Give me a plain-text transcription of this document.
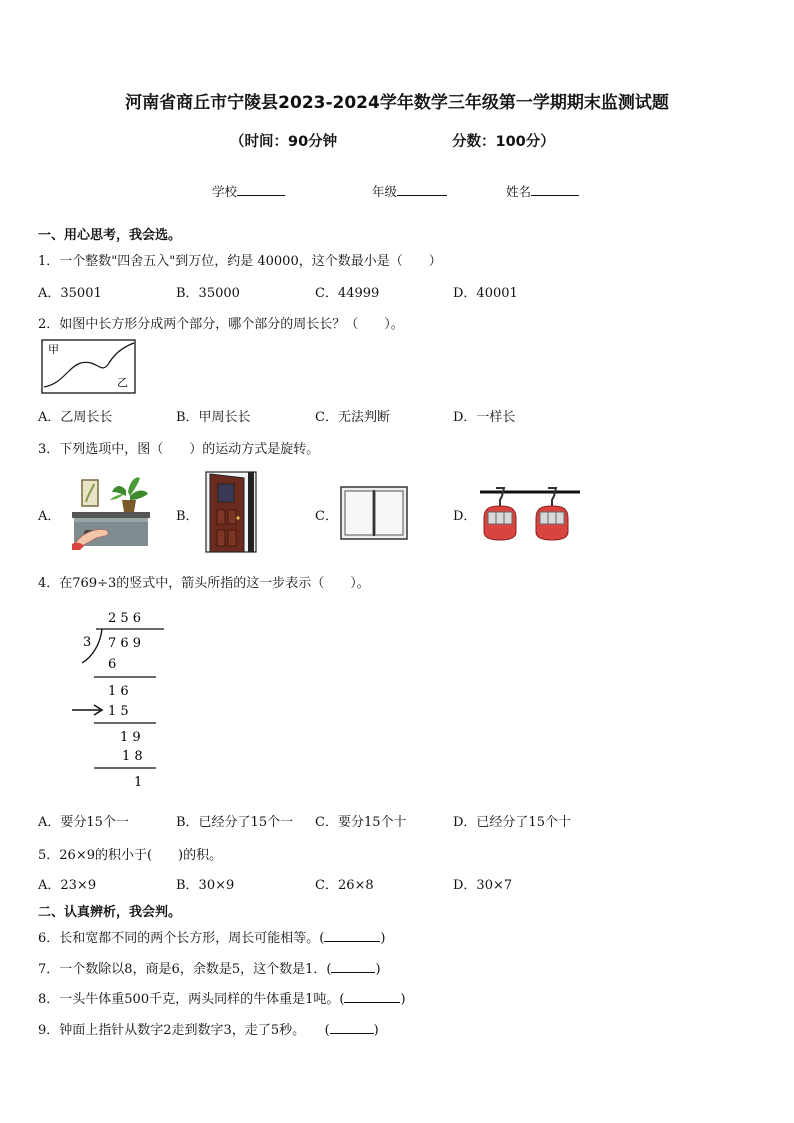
河南省商丘市宁陵县2023-2024学年数学三年级第一学期期末监测试题
（时间：90分钟	分数：100分）
学校	年级	姓名
一、用心思考，我会选。
1．一个整数"四舍五入"到万位，约是 40000，这个数最小是（　　）
A．35001	B．35000	C．44999	D．40001
2．如图中长方形分成两个部分，哪个部分的周长长？（　　）。
甲
乙
A．乙周长长	B．甲周长长	C．无法判断	D．一样长
3．下列选项中，图（　　）的运动方式是旋转。
A．	B．	C．	D．
4．在769÷3的竖式中，箭头所指的这一步表示（　　）。
2 5 6
3 7 6 9
6
1 6
1 5
1 9
1 8
1
A．要分15个一	B．已经分了15个一 C．要分15个十	D．已经分了15个十
5．26×9的积小于(　　)的积。
A．23×9	B．30×9	C．26×8	D．30×7
二、认真辨析，我会判。
6．长和宽都不同的两个长方形，周长可能相等。(	)
7．一个数除以8，商是6，余数是5，这个数是1．(	)
8．一头牛体重500千克，两头同样的牛体重是1吨。(	)
9．钟面上指针从数字2走到数字3，走了5秒。　　(	)
